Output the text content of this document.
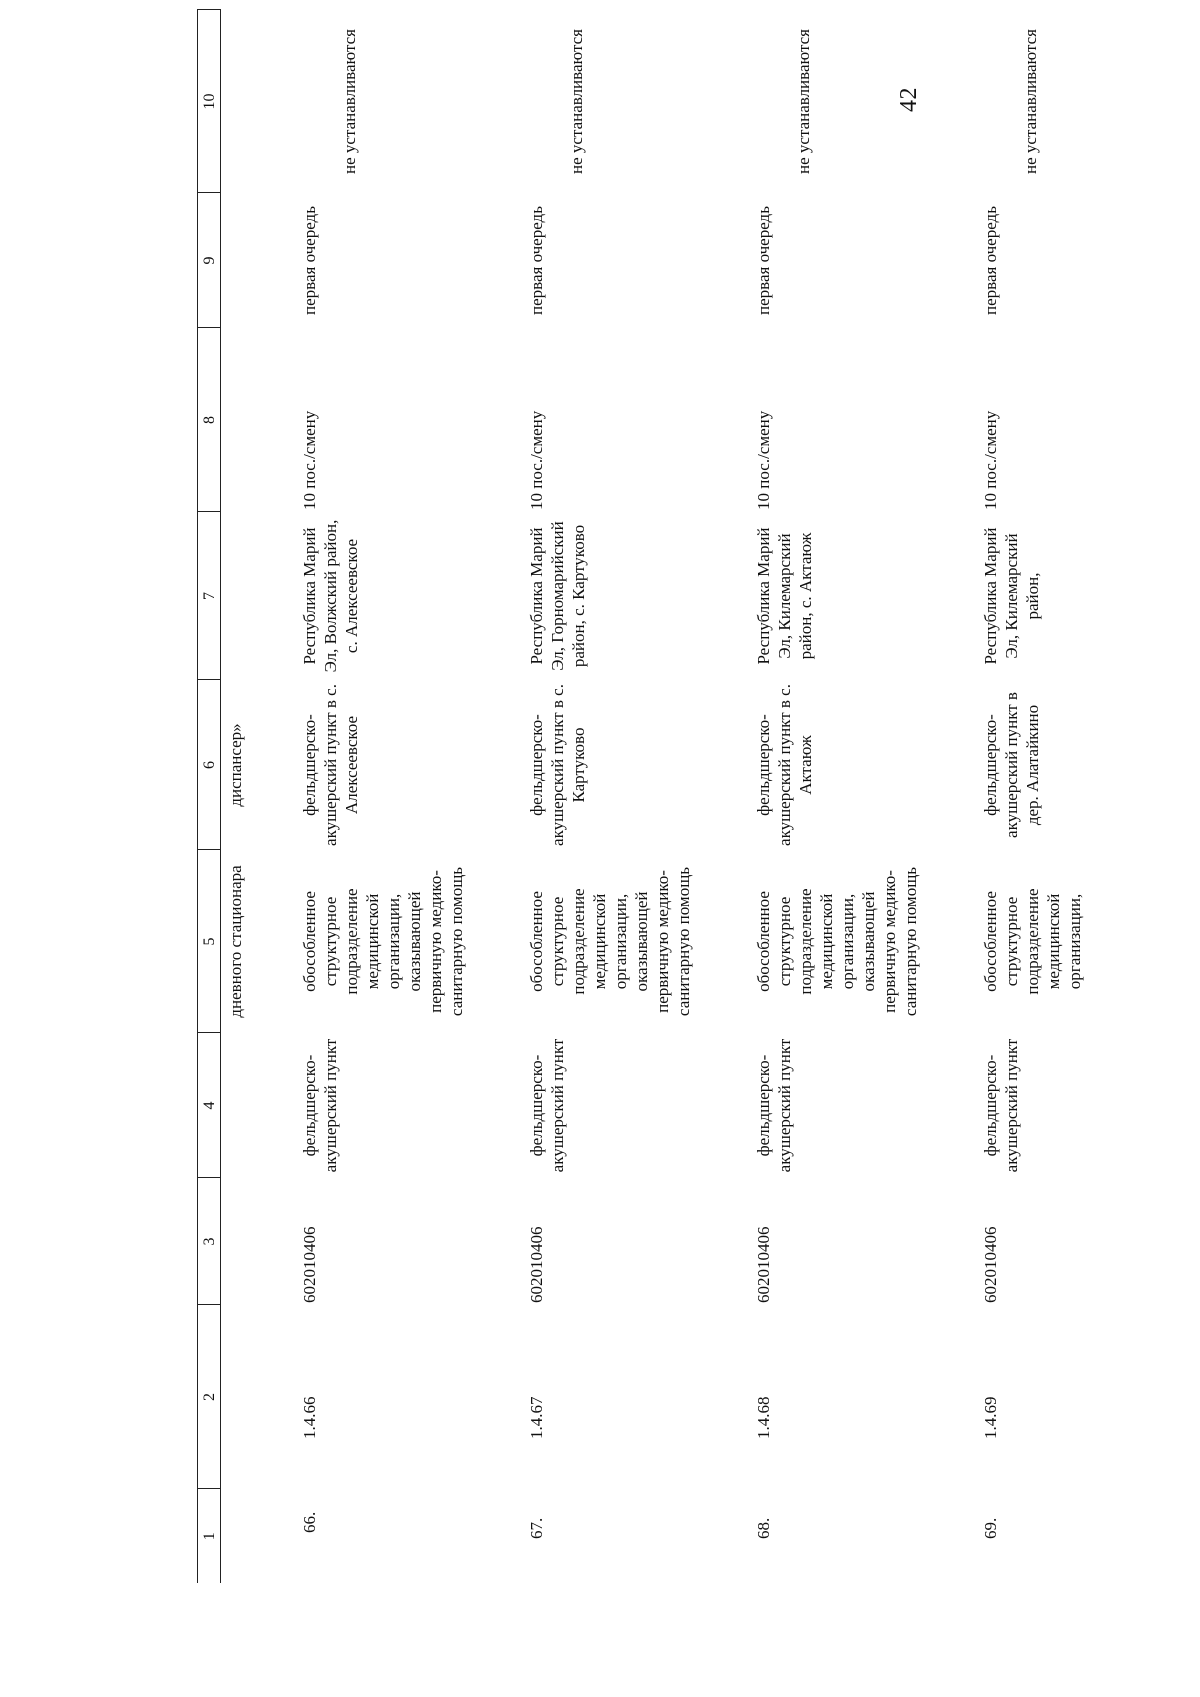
42
1	2	3	4	5	6	7	8	9	10
				дневного стационара	диспансер»				
66.	1.4.66	602010406	фельдшерско-акушерский пункт	обособленное структурное подразделение медицинской организации, оказывающей первичную медико-санитарную помощь	фельдшерско-акушерский пункт в с. Алексеевское	Республика Марий Эл, Волжский район, с. Алексеевское	10 пос./смену	первая очередь	не устанавливаются
67.	1.4.67	602010406	фельдшерско-акушерский пункт	обособленное структурное подразделение медицинской организации, оказывающей первичную медико-санитарную помощь	фельдшерско-акушерский пункт в с. Картуково	Республика Марий Эл, Горномарийский район, с. Картуково	10 пос./смену	первая очередь	не устанавливаются
68.	1.4.68	602010406	фельдшерско-акушерский пункт	обособленное структурное подразделение медицинской организации, оказывающей первичную медико-санитарную помощь	фельдшерско-акушерский пункт в с. Актаюж	Республика Марий Эл, Килемарский район, с. Актаюж	10 пос./смену	первая очередь	не устанавливаются
69.	1.4.69	602010406	фельдшерско-акушерский пункт	обособленное структурное подразделение медицинской организации,	фельдшерско-акушерский пункт в дер. Алатайкино	Республика Марий Эл, Килемарский район,	10 пос./смену	первая очередь	не устанавливаются
